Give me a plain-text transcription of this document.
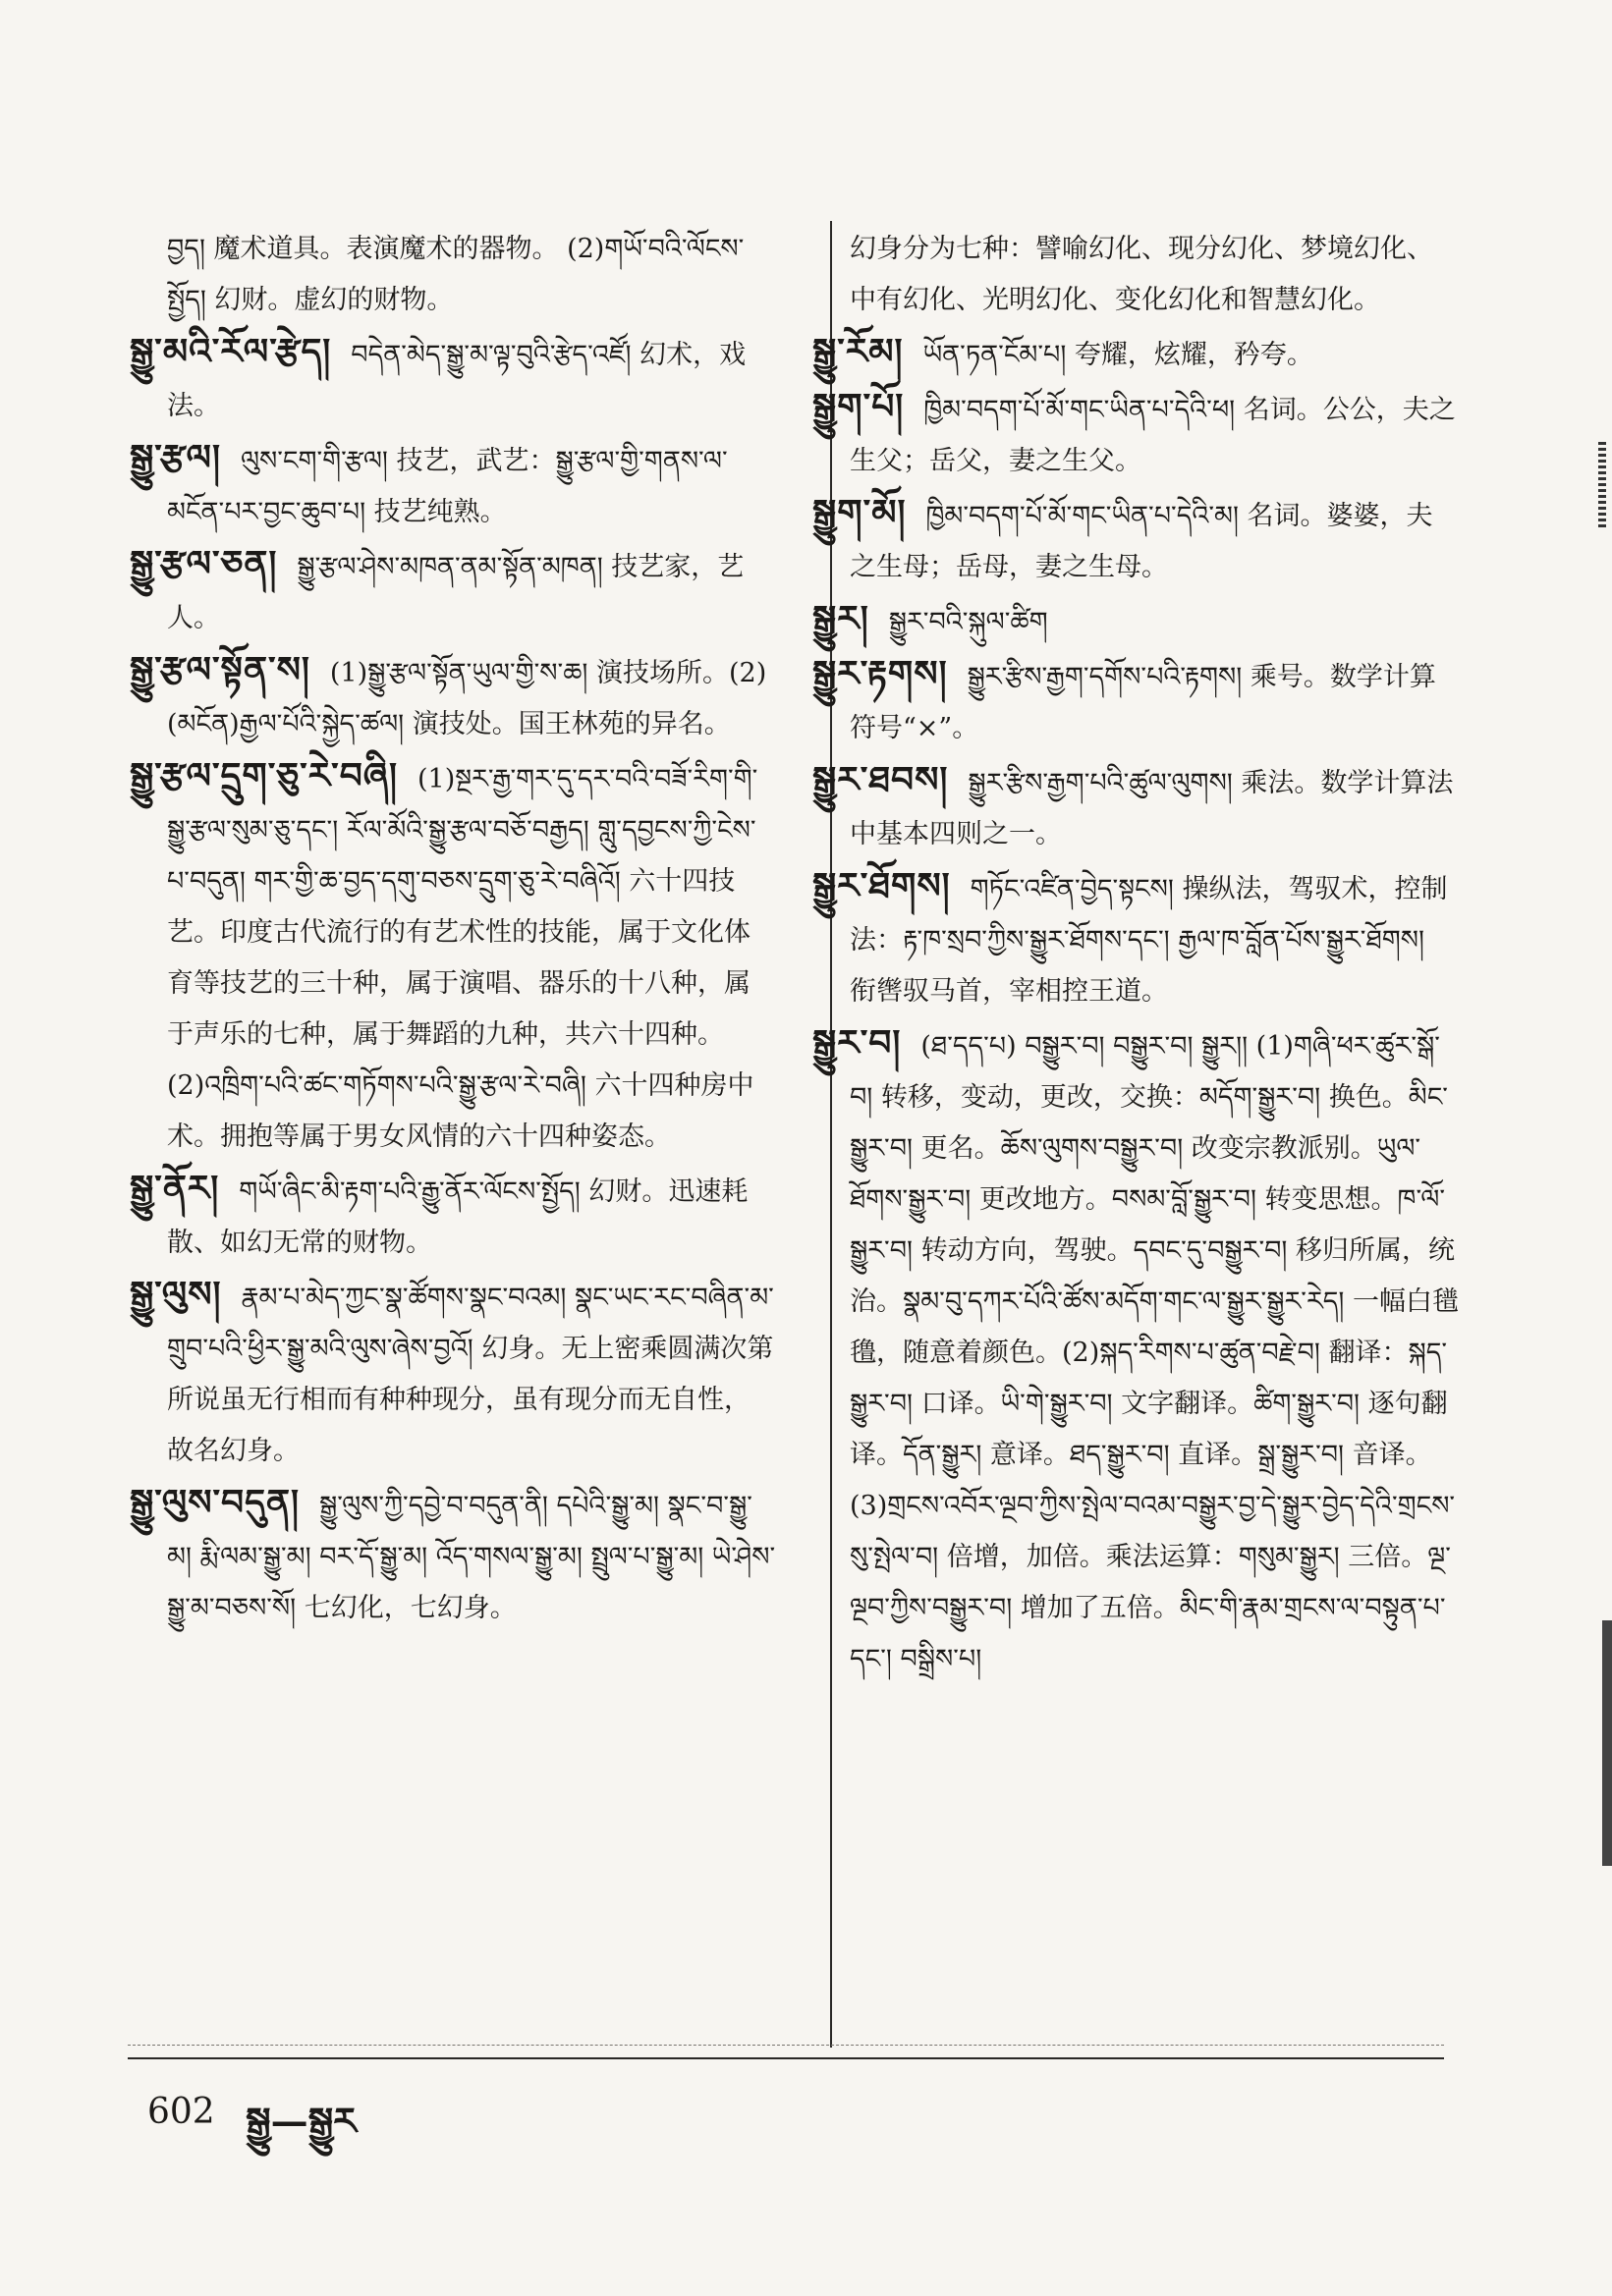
བྱད། 魔术道具。表演魔术的器物。 (2)གཡོ་བའི་ལོངས་སྤྱོད། 幻财。虚幻的财物。

སྒྱུ་མའི་རོལ་རྩེད། བདེན་མེད་སྒྱུ་མ་ལྟ་བུའི་རྩེད་འཛོ། 幻术，戏法。

སྒྱུ་རྩལ། ལུས་ངག་གི་རྩལ། 技艺，武艺：སྒྱུ་རྩལ་གྱི་གནས་ལ་མངོན་པར་བྱང་ཆུབ་པ། 技艺纯熟。

སྒྱུ་རྩལ་ཅན། སྒྱུ་རྩལ་ཤེས་མཁན་ནམ་སྟོན་མཁན། 技艺家，艺人。

སྒྱུ་རྩལ་སྟོན་ས། (1)སྒྱུ་རྩལ་སྟོན་ཡུལ་གྱི་ས་ཆ། 演技场所。(2)(མངོན)རྒྱལ་པོའི་སྐྱེད་ཚལ། 演技处。国王林苑的异名。

སྒྱུ་རྩལ་དྲུག་ཅུ་རེ་བཞི། (1)སྔར་རྒྱ་གར་དུ་དར་བའི་བཟོ་རིག་གི་སྒྱུ་རྩལ་སུམ་ཅུ་དང་། རོལ་མོའི་སྒྱུ་རྩལ་བཅོ་བརྒྱད། གླུ་དབྱངས་ཀྱི་ངེས་པ་བདུན། གར་གྱི་ཆ་བྱད་དགུ་བཅས་དྲུག་ཅུ་རེ་བཞིའོ། 六十四技艺。印度古代流行的有艺术性的技能，属于文化体育等技艺的三十种，属于演唱、器乐的十八种，属于声乐的七种，属于舞蹈的九种，共六十四种。(2)འཁྲིག་པའི་ཚང་གཏོགས་པའི་སྒྱུ་རྩལ་རེ་བཞི། 六十四种房中术。拥抱等属于男女风情的六十四种姿态。

སྒྱུ་ནོར། གཡོ་ཞིང་མི་རྟག་པའི་རྒྱུ་ནོར་ལོངས་སྤྱོད། 幻财。迅速耗散、如幻无常的财物。

སྒྱུ་ལུས། རྣམ་པ་མེད་ཀྱང་སྣ་ཚོགས་སྣང་བའམ། སྣང་ཡང་རང་བཞིན་མ་གྲུབ་པའི་ཕྱིར་སྒྱུ་མའི་ལུས་ཞེས་བྱའོ། 幻身。无上密乘圆满次第所说虽无行相而有种种现分，虽有现分而无自性，故名幻身。

སྒྱུ་ལུས་བདུན། སྒྱུ་ལུས་ཀྱི་དབྱེ་བ་བདུན་ནི། དཔེའི་སྒྱུ་མ། སྣང་བ་སྒྱུ་མ། རྨི་ལམ་སྒྱུ་མ། བར་དོ་སྒྱུ་མ། འོད་གསལ་སྒྱུ་མ། སྤྲུལ་པ་སྒྱུ་མ། ཡེ་ཤེས་སྒྱུ་མ་བཅས་སོ། 七幻化，七幻身。

幻身分为七种：譬喻幻化、现分幻化、梦境幻化、中有幻化、光明幻化、变化幻化和智慧幻化。

སྒྱུ་རོམ། ཡོན་ཏན་ངོམ་པ། 夸耀，炫耀，矜夸。

སྒྱུག་པོ། ཁྱིམ་བདག་པོ་མོ་གང་ཡིན་པ་དེའི་ཕ། 名词。公公，夫之生父；岳父，妻之生父。

སྒྱུག་མོ། ཁྱིམ་བདག་པོ་མོ་གང་ཡིན་པ་དེའི་མ། 名词。婆婆，夫之生母；岳母，妻之生母。

སྒྱུར། སྒྱུར་བའི་སྐུལ་ཚིག

སྒྱུར་རྟགས། སྒྱུར་རྩིས་རྒྱག་དགོས་པའི་རྟགས། 乘号。数学计算符号“×”。

སྒྱུར་ཐབས། སྒྱུར་རྩིས་རྒྱག་པའི་ཚུལ་ལུགས། 乘法。数学计算法中基本四则之一。

སྒྱུར་ཐོགས། གཏོང་འཛིན་བྱེད་སྟངས། 操纵法，驾驭术，控制法：རྟ་ཁ་སྲབ་ཀྱིས་སྒྱུར་ཐོགས་དང་། རྒྱལ་ཁ་བློན་པོས་སྒྱུར་ཐོགས། 衔辔驭马首，宰相控王道。

སྒྱུར་བ། (ཐ་དད་པ) བསྒྱུར་བ། བསྒྱུར་བ། སྒྱུར།། (1)གཞི་ཕར་ཚུར་སྒོ་བ། 转移，变动，更改，交换：མདོག་སྒྱུར་བ། 换色。མིང་སྒྱུར་བ། 更名。ཆོས་ལུགས་བསྒྱུར་བ། 改变宗教派别。ཡུལ་ཐོགས་སྒྱུར་བ། 更改地方。བསམ་བློ་སྒྱུར་བ། 转变思想。ཁ་ལོ་སྒྱུར་བ། 转动方向，驾驶。དབང་དུ་བསྒྱུར་བ། 移归所属，统治。སྣམ་བུ་དཀར་པོའི་ཚོས་མདོག་གང་ལ་སྒྱུར་སྒྱུར་རེད། 一幅白氆氇，随意着颜色。(2)སྐད་རིགས་པ་ཚུན་བརྗེ་བ། 翻译：སྐད་སྒྱུར་བ། 口译。ཡི་གེ་སྒྱུར་བ། 文字翻译。ཚིག་སྒྱུར་བ། 逐句翻译。དོན་སྒྱུར། 意译。ཐད་སྒྱུར་བ། 直译。སྒྲ་སྒྱུར་བ། 音译。(3)གྲངས་འབོར་ལྔབ་ཀྱིས་སྤེལ་བའམ་བསྒྱུར་བྱ་དེ་སྒྱུར་བྱེད་དེའི་གྲངས་སུ་སྤེལ་བ། 倍增，加倍。乘法运算：གསུམ་སྒྱུར། 三倍。ལྔ་ལྔབ་ཀྱིས་བསྒྱུར་བ། 增加了五倍。མིང་གི་རྣམ་གྲངས་ལ་བསྟུན་པ་དང་། བསྒྲིས་པ།

602 སྒྱུ—སྒྱུར
